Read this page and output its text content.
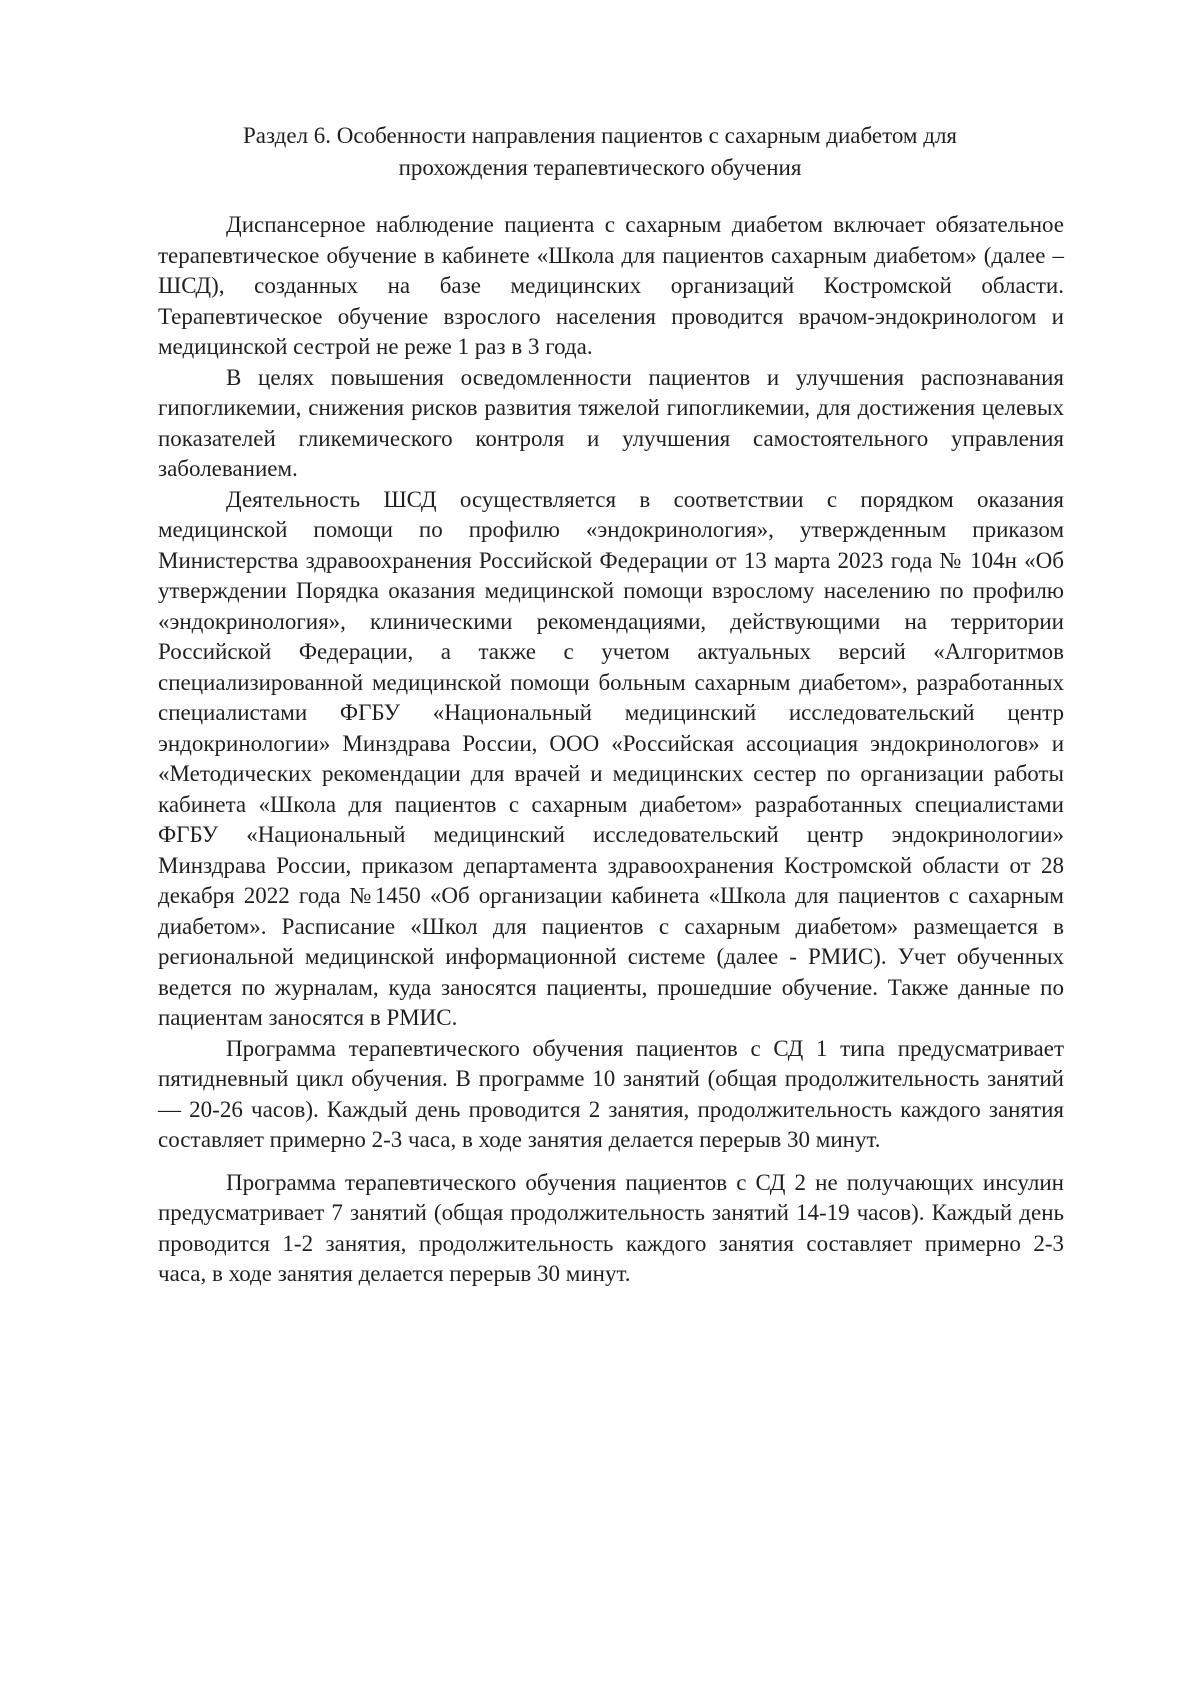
Раздел 6. Особенности направления пациентов с сахарным диабетом для
прохождения терапевтического обучения

Диспансерное наблюдение пациента с сахарным диабетом включает обязательное терапевтическое обучение в кабинете «Школа для пациентов сахарным диабетом» (далее – ШСД), созданных на базе медицинских организаций Костромской области. Терапевтическое обучение взрослого населения проводится врачом-эндокринологом и медицинской сестрой не реже 1 раз в 3 года.

В целях повышения осведомленности пациентов и улучшения распознавания гипогликемии, снижения рисков развития тяжелой гипогликемии, для достижения целевых показателей гликемического контроля и улучшения самостоятельного управления заболеванием.

Деятельность ШСД осуществляется в соответствии с порядком оказания медицинской помощи по профилю «эндокринология», утвержденным приказом Министерства здравоохранения Российской Федерации от 13 марта 2023 года № 104н «Об утверждении Порядка оказания медицинской помощи взрослому населению по профилю «эндокринология», клиническими рекомендациями, действующими на территории Российской Федерации, а также с учетом актуальных версий «Алгоритмов специализированной медицинской помощи больным сахарным диабетом», разработанных специалистами ФГБУ «Национальный медицинский исследовательский центр эндокринологии» Минздрава России, ООО «Российская ассоциация эндокринологов» и «Методических рекомендации для врачей и медицинских сестер по организации работы кабинета «Школа для пациентов с сахарным диабетом» разработанных специалистами ФГБУ «Национальный медицинский исследовательский центр эндокринологии» Минздрава России, приказом департамента здравоохранения Костромской области от 28 декабря 2022 года №1450 «Об организации кабинета «Школа для пациентов с сахарным диабетом». Расписание «Школ для пациентов с сахарным диабетом» размещается в региональной медицинской информационной системе (далее - РМИС). Учет обученных ведется по журналам, куда заносятся пациенты, прошедшие обучение. Также данные по пациентам заносятся в РМИС.

Программа терапевтического обучения пациентов с СД 1 типа предусматривает пятидневный цикл обучения. В программе 10 занятий (общая продолжительность занятий — 20-26 часов). Каждый день проводится 2 занятия, продолжительность каждого занятия составляет примерно 2-3 часа, в ходе занятия делается перерыв 30 минут.

Программа терапевтического обучения пациентов с СД 2 не получающих инсулин предусматривает 7 занятий (общая продолжительность занятий 14-19 часов). Каждый день проводится 1-2 занятия, продолжительность каждого занятия составляет примерно 2-3 часа, в ходе занятия делается перерыв 30 минут.
